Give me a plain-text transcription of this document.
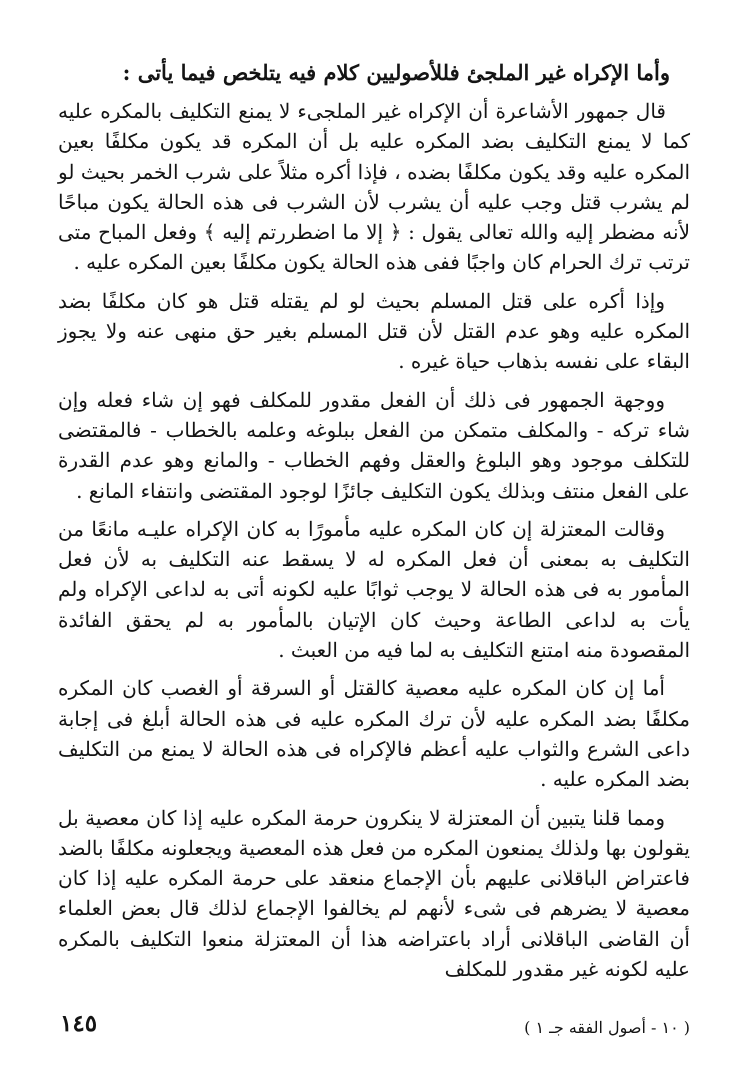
وأما الإكراه غير الملجئ فللأصوليين كلام فيه يتلخص فيما يأتى :

قال جمهور الأشاعرة أن الإكراه غير الملجىء لا يمنع التكليف بالمكره عليه كما لا يمنع التكليف بضد المكره عليه بل أن المكره قد يكون مكلفًا بعين المكره عليه وقد يكون مكلفًا بضده ، فإذا أكره مثلاً على شرب الخمر بحيث لو لم يشرب قتل وجب عليه أن يشرب لأن الشرب فى هذه الحالة يكون مباحًا لأنه مضطر إليه والله تعالى يقول : ﴿ إلا ما اضطررتم إليه ﴾ وفعل المباح متى ترتب ترك الحرام كان واجبًا ففى هذه الحالة يكون مكلفًا بعين المكره عليه .

وإذا أكره على قتل المسلم بحيث لو لم يقتله قتل هو كان مكلفًا بضد المكره عليه وهو عدم القتل لأن قتل المسلم بغير حق منهى عنه ولا يجوز البقاء على نفسه بذهاب حياة غيره .

ووجهة الجمهور فى ذلك أن الفعل مقدور للمكلف فهو إن شاء فعله وإن شاء تركه - والمكلف متمكن من الفعل ببلوغه وعلمه بالخطاب - فالمقتضى للتكلف موجود وهو البلوغ والعقل وفهم الخطاب - والمانع وهو عدم القدرة على الفعل منتف وبذلك يكون التكليف جائزًا لوجود المقتضى وانتفاء المانع .

وقالت المعتزلة إن كان المكره عليه مأمورًا به كان الإكراه عليـه مانعًا من التكليف به بمعنى أن فعل المكره له لا يسقط عنه التكليف به لأن فعل المأمور به فى هذه الحالة لا يوجب ثوابًا عليه لكونه أتى به لداعى الإكراه ولم يأت به لداعى الطاعة وحيث كان الإتيان بالمأمور به لم يحقق الفائدة المقصودة منه امتنع التكليف به لما فيه من العبث .

أما إن كان المكره عليه معصية كالقتل أو السرقة أو الغصب كان المكره مكلفًا بضد المكره عليه لأن ترك المكره عليه فى هذه الحالة أبلغ فى إجابة داعى الشرع والثواب عليه أعظم فالإكراه فى هذه الحالة لا يمنع من التكليف بضد المكره عليه .

ومما قلنا يتبين أن المعتزلة لا ينكرون حرمة المكره عليه إذا كان معصية بل يقولون بها ولذلك يمنعون المكره من فعل هذه المعصية ويجعلونه مكلفًا بالضد فاعتراض الباقلانى عليهم بأن الإجماع منعقد على حرمة المكره عليه إذا كان معصية لا يضرهم فى شىء لأنهم لم يخالفوا الإجماع لذلك قال بعض العلماء أن القاضى الباقلانى أراد باعتراضه هذا أن المعتزلة منعوا التكليف بالمكره عليه لكونه غير مقدور للمكلف

( ١٠ - أصول الفقه جـ ١ )
١٤٥
